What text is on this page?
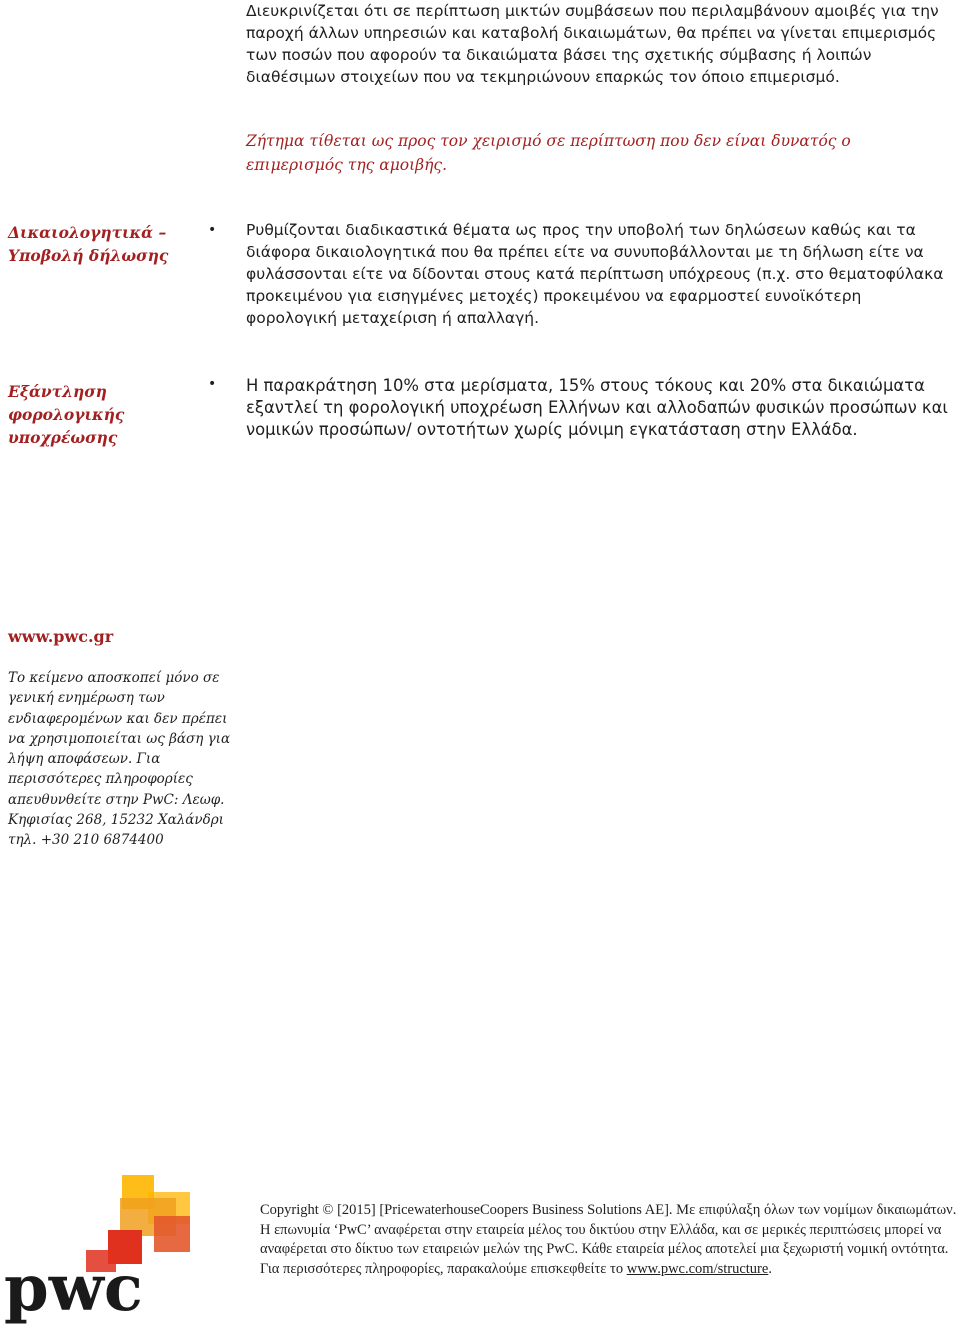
Διευκρινίζεται ότι σε περίπτωση μικτών συμβάσεων που περιλαμβάνουν αμοιβές για την παροχή άλλων υπηρεσιών και καταβολή δικαιωμάτων, θα πρέπει να γίνεται επιμερισμός των ποσών που αφορούν τα δικαιώματα βάσει της σχετικής σύμβασης ή λοιπών διαθέσιμων στοιχείων που να τεκμηριώνουν επαρκώς τον όποιο επιμερισμό.

Ζήτημα τίθεται ως προς τον χειρισμό σε περίπτωση που δεν είναι δυνατός ο επιμερισμός της αμοιβής.

Δικαιολογητικά – Υποβολή δήλωσης
• Ρυθμίζονται διαδικαστικά θέματα ως προς την υποβολή των δηλώσεων καθώς και τα διάφορα δικαιολογητικά που θα πρέπει είτε να συνυποβάλλονται με τη δήλωση είτε να φυλάσσονται είτε να δίδονται στους κατά περίπτωση υπόχρεους (π.χ. στο θεματοφύλακα προκειμένου για εισηγμένες μετοχές) προκειμένου να εφαρμοστεί ευνοϊκότερη φορολογική μεταχείριση ή απαλλαγή.
Εξάντληση φορολογικής υποχρέωσης
• Η παρακράτηση 10% στα μερίσματα, 15% στους τόκους και 20% στα δικαιώματα εξαντλεί τη φορολογική υποχρέωση Ελλήνων και αλλοδαπών φυσικών προσώπων και νομικών προσώπων/ οντοτήτων χωρίς μόνιμη εγκατάσταση στην Ελλάδα.
www.pwc.gr
Το κείμενο αποσκοπεί μόνο σε γενική ενημέρωση των ενδιαφερομένων και δεν πρέπει να χρησιμοποιείται ως βάση για λήψη αποφάσεων. Για περισσότερες πληροφορίες απευθυνθείτε στην PwC: Λεωφ. Κηφισίας 268, 15232 Χαλάνδρι τηλ. +30 210 6874400
pwc
Copyright © [2015] [PricewaterhouseCoopers Business Solutions AE]. Με επιφύλαξη όλων των νομίμων δικαιωμάτων.
Η επωνυμία ‘PwC’ αναφέρεται στην εταιρεία μέλος του δικτύου στην Ελλάδα, και σε μερικές περιπτώσεις μπορεί να αναφέρεται στο δίκτυο των εταιρειών μελών της PwC. Κάθε εταιρεία μέλος αποτελεί μια ξεχωριστή νομική οντότητα. Για περισσότερες πληροφορίες, παρακαλούμε επισκεφθείτε το www.pwc.com/structure.
